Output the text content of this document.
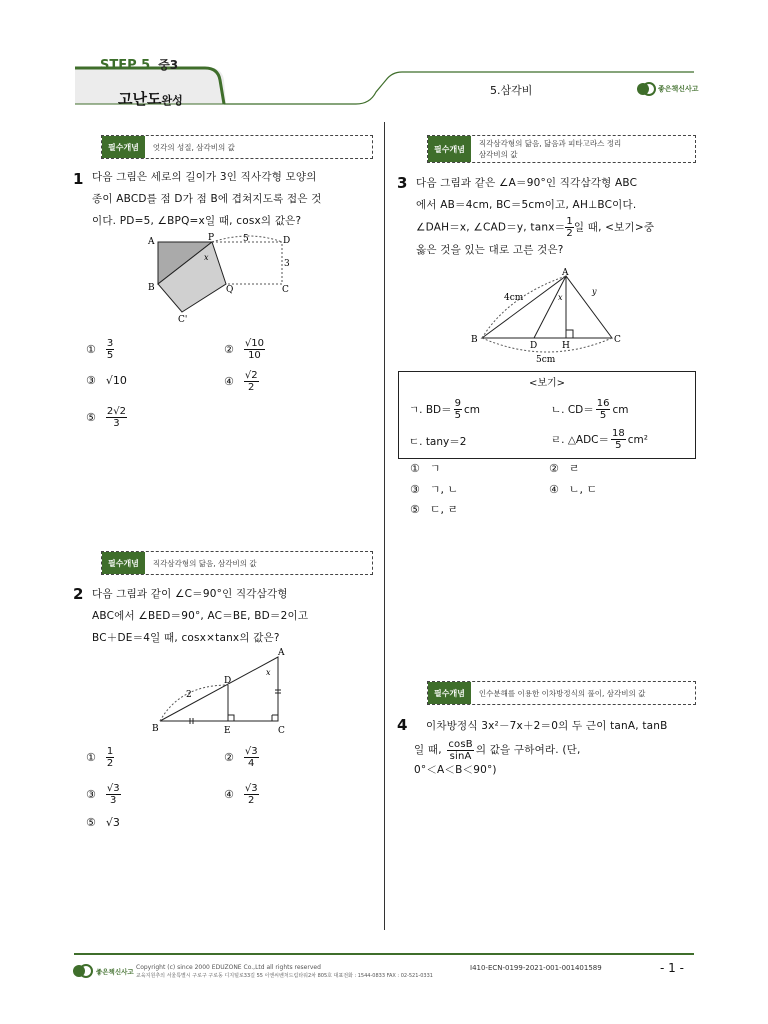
STEP 5 중3
고난도완성
5.삼각비	좋은책신사고
필수개념	엇각의 성질, 삼각비의 값
1 다음 그림은 세로의 길이가 3인 직사각형 모양의
종이 ABCD를 점 D가 점 B에 겹쳐지도록 접은 것
이다. PD=5, ∠BPQ=x일 때, cosx의 값은?
A	P	D
B	Q	C
C'
x
5
3
① $\frac{3}{5}$	② $\frac{√10}{10}$
③ √10	④ $\frac{√2}{2}$
⑤ $\frac{2√2}{3}$
필수개념	직각삼각형의 닮음, 삼각비의 값
2 다음 그림과 같이 ∠C＝90°인 직각삼각형
ABC에서 ∠BED＝90°, AC＝BE, BD＝2이고
BC＋DE＝4일 때, cosx×tanx의 값은?
A
D
B	E	C
x
2
① $\frac{1}{2}$	② $\frac{√3}{4}$
③ $\frac{√3}{3}$	④ $\frac{√3}{2}$
⑤ √3
필수개념
직각삼각형의 닮음, 닮음과 피타고라스 정리
삼각비의 값
3 다음 그림과 같은 ∠A＝90°인 직각삼각형 ABC
에서 AB＝4cm, BC＝5cm이고, AH⊥BC이다.
∠DAH＝x, ∠CAD＝y, $\tan x= \frac{1}{2}$ 일 때, <보기>중
옳은 것을 있는 대로 고른 것은?
A
B
D	H
C
x
y
4cm
5cm
<보기>
ㄱ. $BD= \frac{9}{5}$ cm	ㄴ. $CD= \frac{16}{5}$ cm
ㄷ. tany＝2	ㄹ. △ADC＝ $\frac{18}{5} cm^2$
① ㄱ	② ㄹ
③ ㄱ, ㄴ	④ ㄴ, ㄷ
⑤ ㄷ, ㄹ
필수개념	인수분해를 이용한 이차방정식의 풀이, 삼각비의 값
4 이차방정식 3x²－7x＋2＝0의 두 근이 tanA, tanB
일 때, $\frac{\cos B}{\sin A}$ 의 값을 구하여라. (단,
0°＜A＜B＜90°)
좋은책신사고 Copyright (c) since 2000 EDUZONE Co.,Ltd all rights reserved
교육지원추의 서울특별시 구로구 구로동 디지털로33길 55 이앤씨벤처드림타워2차 805호 대표전화 : 1544-0833 FAX : 02-521-0331
I410-ECN-0199-2021-001-001401589	- 1 -
